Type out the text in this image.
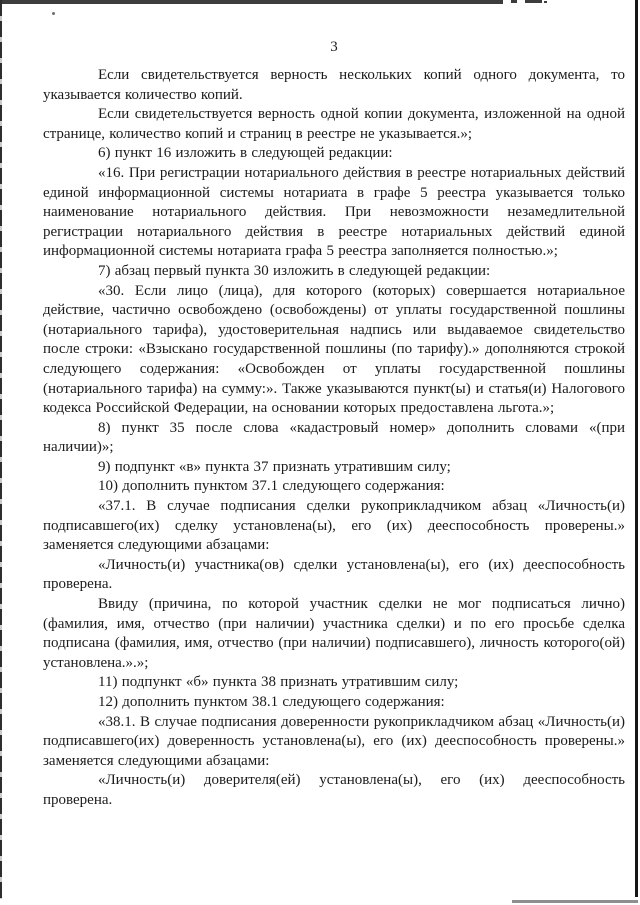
3

Если свидетельствуется верность нескольких копий одного документа, то указывается количество копий.

Если свидетельствуется верность одной копии документа, изложенной на одной странице, количество копий и страниц в реестре не указывается.»;

6) пункт 16 изложить в следующей редакции:

«16. При регистрации нотариального действия в реестре нотариальных действий единой информационной системы нотариата в графе 5 реестра указывается только наименование нотариального действия. При невозможности незамедлительной регистрации нотариального действия в реестре нотариальных действий единой информационной системы нотариата графа 5 реестра заполняется полностью.»;

7) абзац первый пункта 30 изложить в следующей редакции:

«30. Если лицо (лица), для которого (которых) совершается нотариальное действие, частично освобождено (освобождены) от уплаты государственной пошлины (нотариального тарифа), удостоверительная надпись или выдаваемое свидетельство после строки: «Взыскано государственной пошлины (по тарифу).» дополняются строкой следующего содержания: «Освобожден от уплаты государственной пошлины (нотариального тарифа) на сумму:». Также указываются пункт(ы) и статья(и) Налогового кодекса Российской Федерации, на основании которых предоставлена льгота.»;

8) пункт 35 после слова «кадастровый номер» дополнить словами «(при наличии)»;

9) подпункт «в» пункта 37 признать утратившим силу;

10) дополнить пунктом 37.1 следующего содержания:

«37.1. В случае подписания сделки рукоприкладчиком абзац «Личность(и) подписавшего(их) сделку установлена(ы), его (их) дееспособность проверены.» заменяется следующими абзацами:

«Личность(и) участника(ов) сделки установлена(ы), его (их) дееспособность проверена.

Ввиду (причина, по которой участник сделки не мог подписаться лично) (фамилия, имя, отчество (при наличии) участника сделки) и по его просьбе сделка подписана (фамилия, имя, отчество (при наличии) подписавшего), личность которого(ой) установлена.».»;

11) подпункт «б» пункта 38 признать утратившим силу;

12) дополнить пунктом 38.1 следующего содержания:

«38.1. В случае подписания доверенности рукоприкладчиком абзац «Личность(и) подписавшего(их) доверенность установлена(ы), его (их) дееспособность проверены.» заменяется следующими абзацами:

«Личность(и) доверителя(ей) установлена(ы), его (их) дееспособность проверена.
